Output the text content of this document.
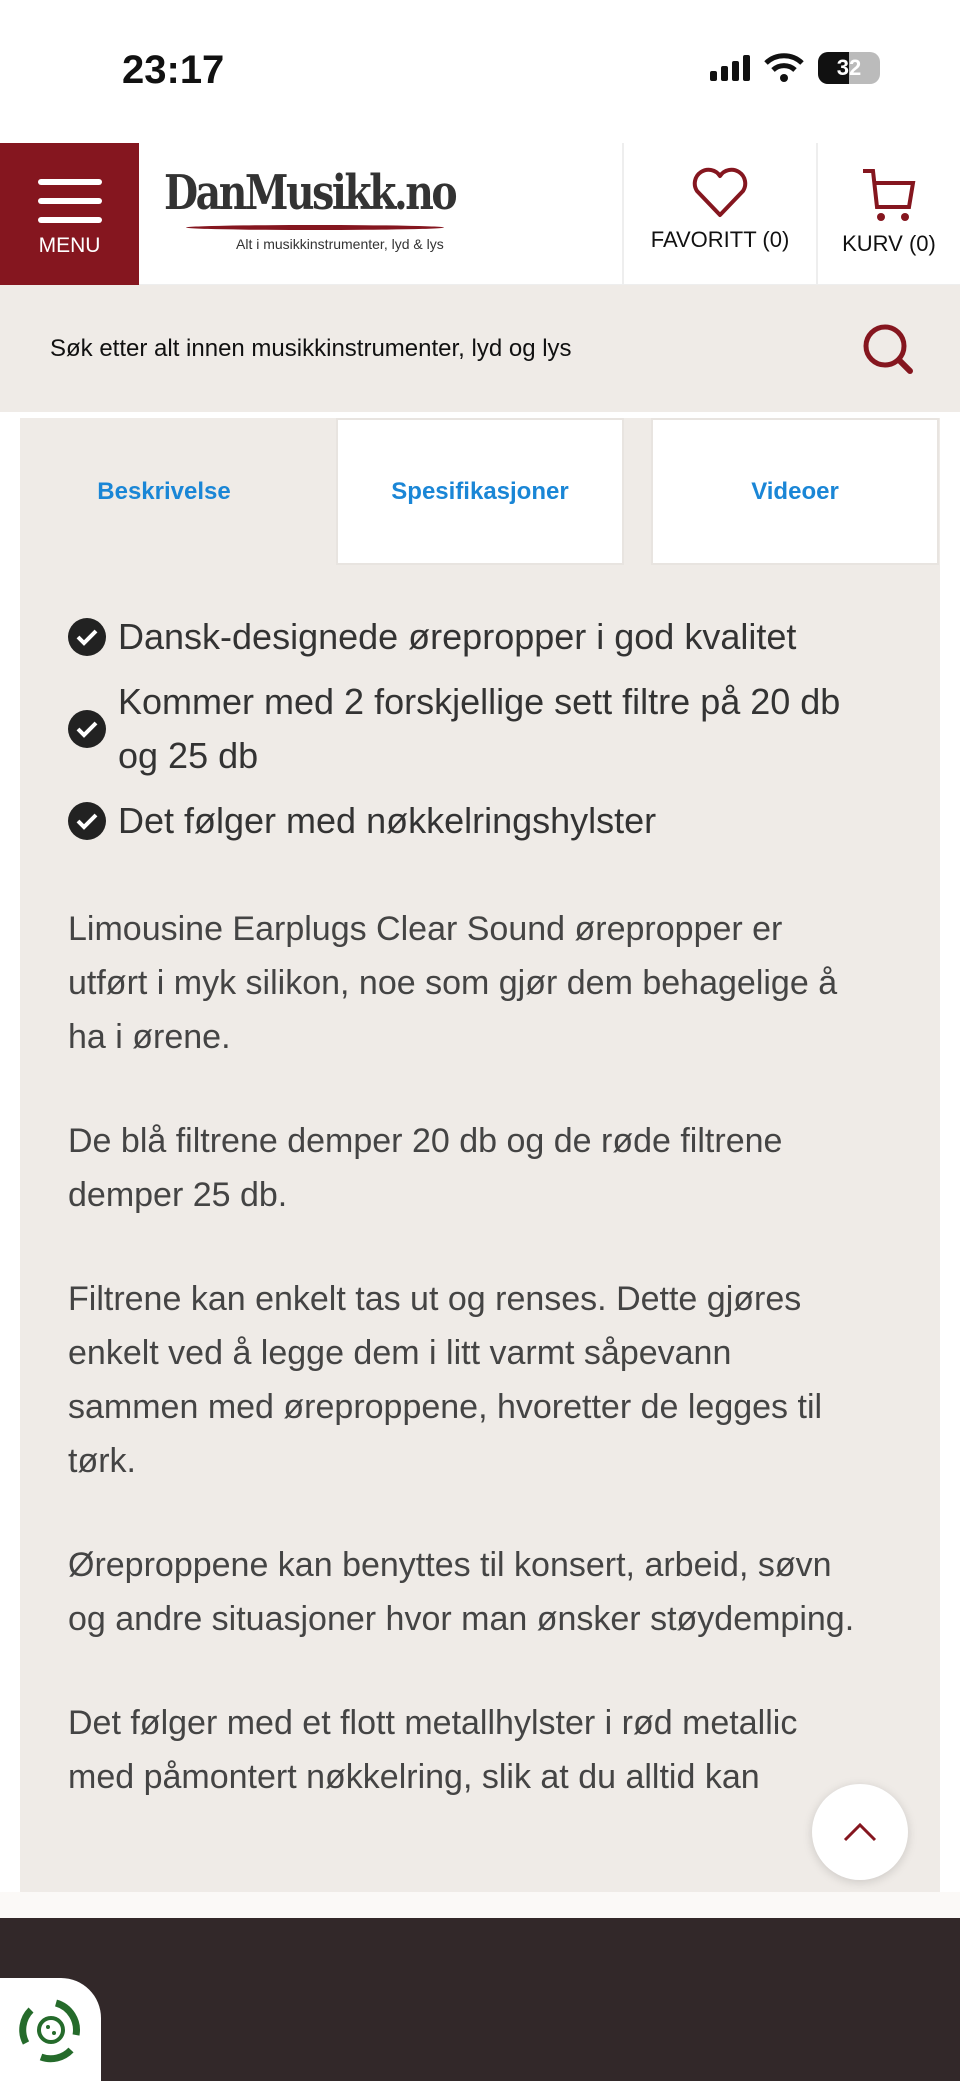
23:17	32
MENU
DanMusikk.no
Alt i musikkinstrumenter, lyd & lys	FAVORITT (0)	KURV (0)
Søk etter alt innen musikkinstrumenter, lyd og lys
Beskrivelse	Spesifikasjoner	Videoer
Dansk-designede ørepropper i god kvalitet
Kommer med 2 forskjellige sett filtre på 20 db og 25 db
Det følger med nøkkelringshylster

Limousine Earplugs Clear Sound ørepropper er utført i myk silikon, noe som gjør dem behagelige å ha i ørene.

De blå filtrene demper 20 db og de røde filtrene demper 25 db.

Filtrene kan enkelt tas ut og renses. Dette gjøres enkelt ved å legge dem i litt varmt såpevann sammen med øreproppene, hvoretter de legges til tørk.

Øreproppene kan benyttes til konsert, arbeid, søvn og andre situasjoner hvor man ønsker støydemping.

Det følger med et flott metallhylster i rød metallic med påmontert nøkkelring, slik at du alltid kan
